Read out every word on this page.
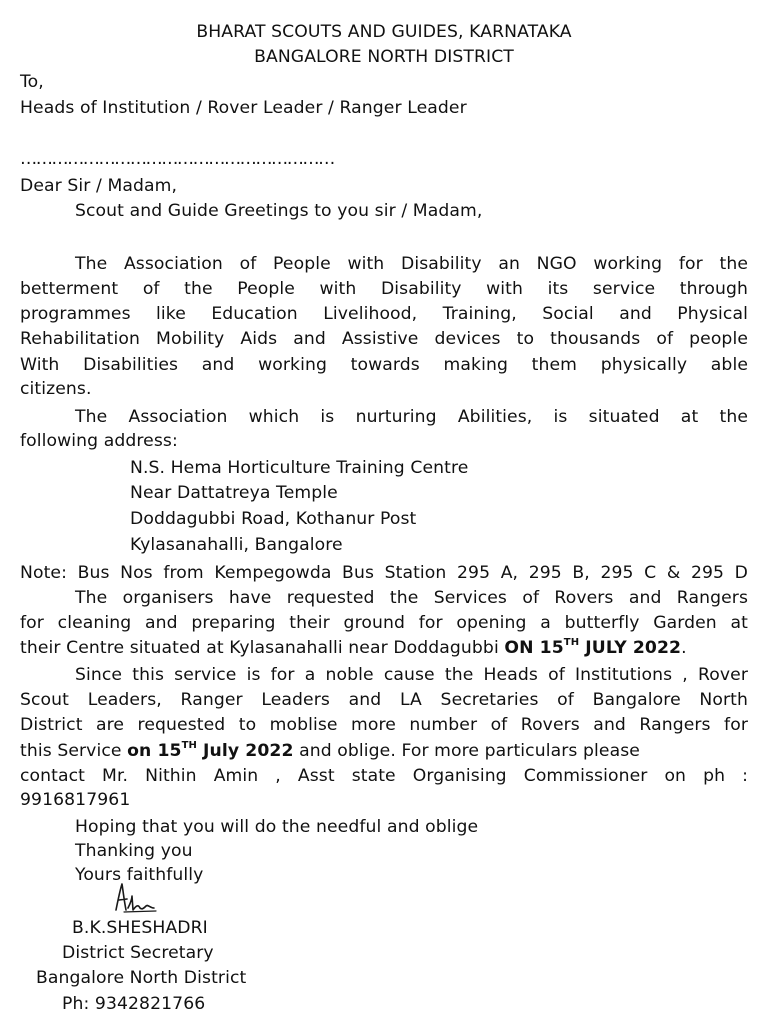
BHARAT SCOUTS AND GUIDES, KARNATAKA
BANGALORE NORTH DISTRICT
To,
Heads of Institution / Rover Leader / Ranger Leader
……………………………………………………
Dear Sir / Madam,
Scout and Guide Greetings to you sir / Madam,
The Association of People with Disability an NGO working for the
betterment of the People with Disability with its service through
programmes like Education Livelihood, Training, Social and Physical
Rehabilitation Mobility Aids and Assistive devices to thousands of people
With Disabilities and working towards making them physically able
citizens.
The Association which is nurturing Abilities, is situated at the
following address:
N.S. Hema Horticulture Training Centre
Near Dattatreya Temple
Doddagubbi Road, Kothanur Post
Kylasanahalli, Bangalore
Note: Bus Nos from Kempegowda Bus Station 295 A, 295 B, 295 C & 295 D
The organisers have requested the Services of Rovers and Rangers
for cleaning and preparing their ground for opening a butterfly Garden at
their Centre situated at Kylasanahalli near Doddagubbi ON 15TH JULY 2022.
Since this service is for a noble cause the Heads of Institutions , Rover
Scout Leaders, Ranger Leaders and LA Secretaries of Bangalore North
District are requested to moblise more number of Rovers and Rangers for
this Service on 15TH July 2022 and oblige. For more particulars please
contact Mr. Nithin Amin , Asst state Organising Commissioner on ph :
9916817961
Hoping that you will do the needful and oblige
Thanking you
Yours faithfully
B.K.SHESHADRI
District Secretary
Bangalore North District
Ph: 9342821766
